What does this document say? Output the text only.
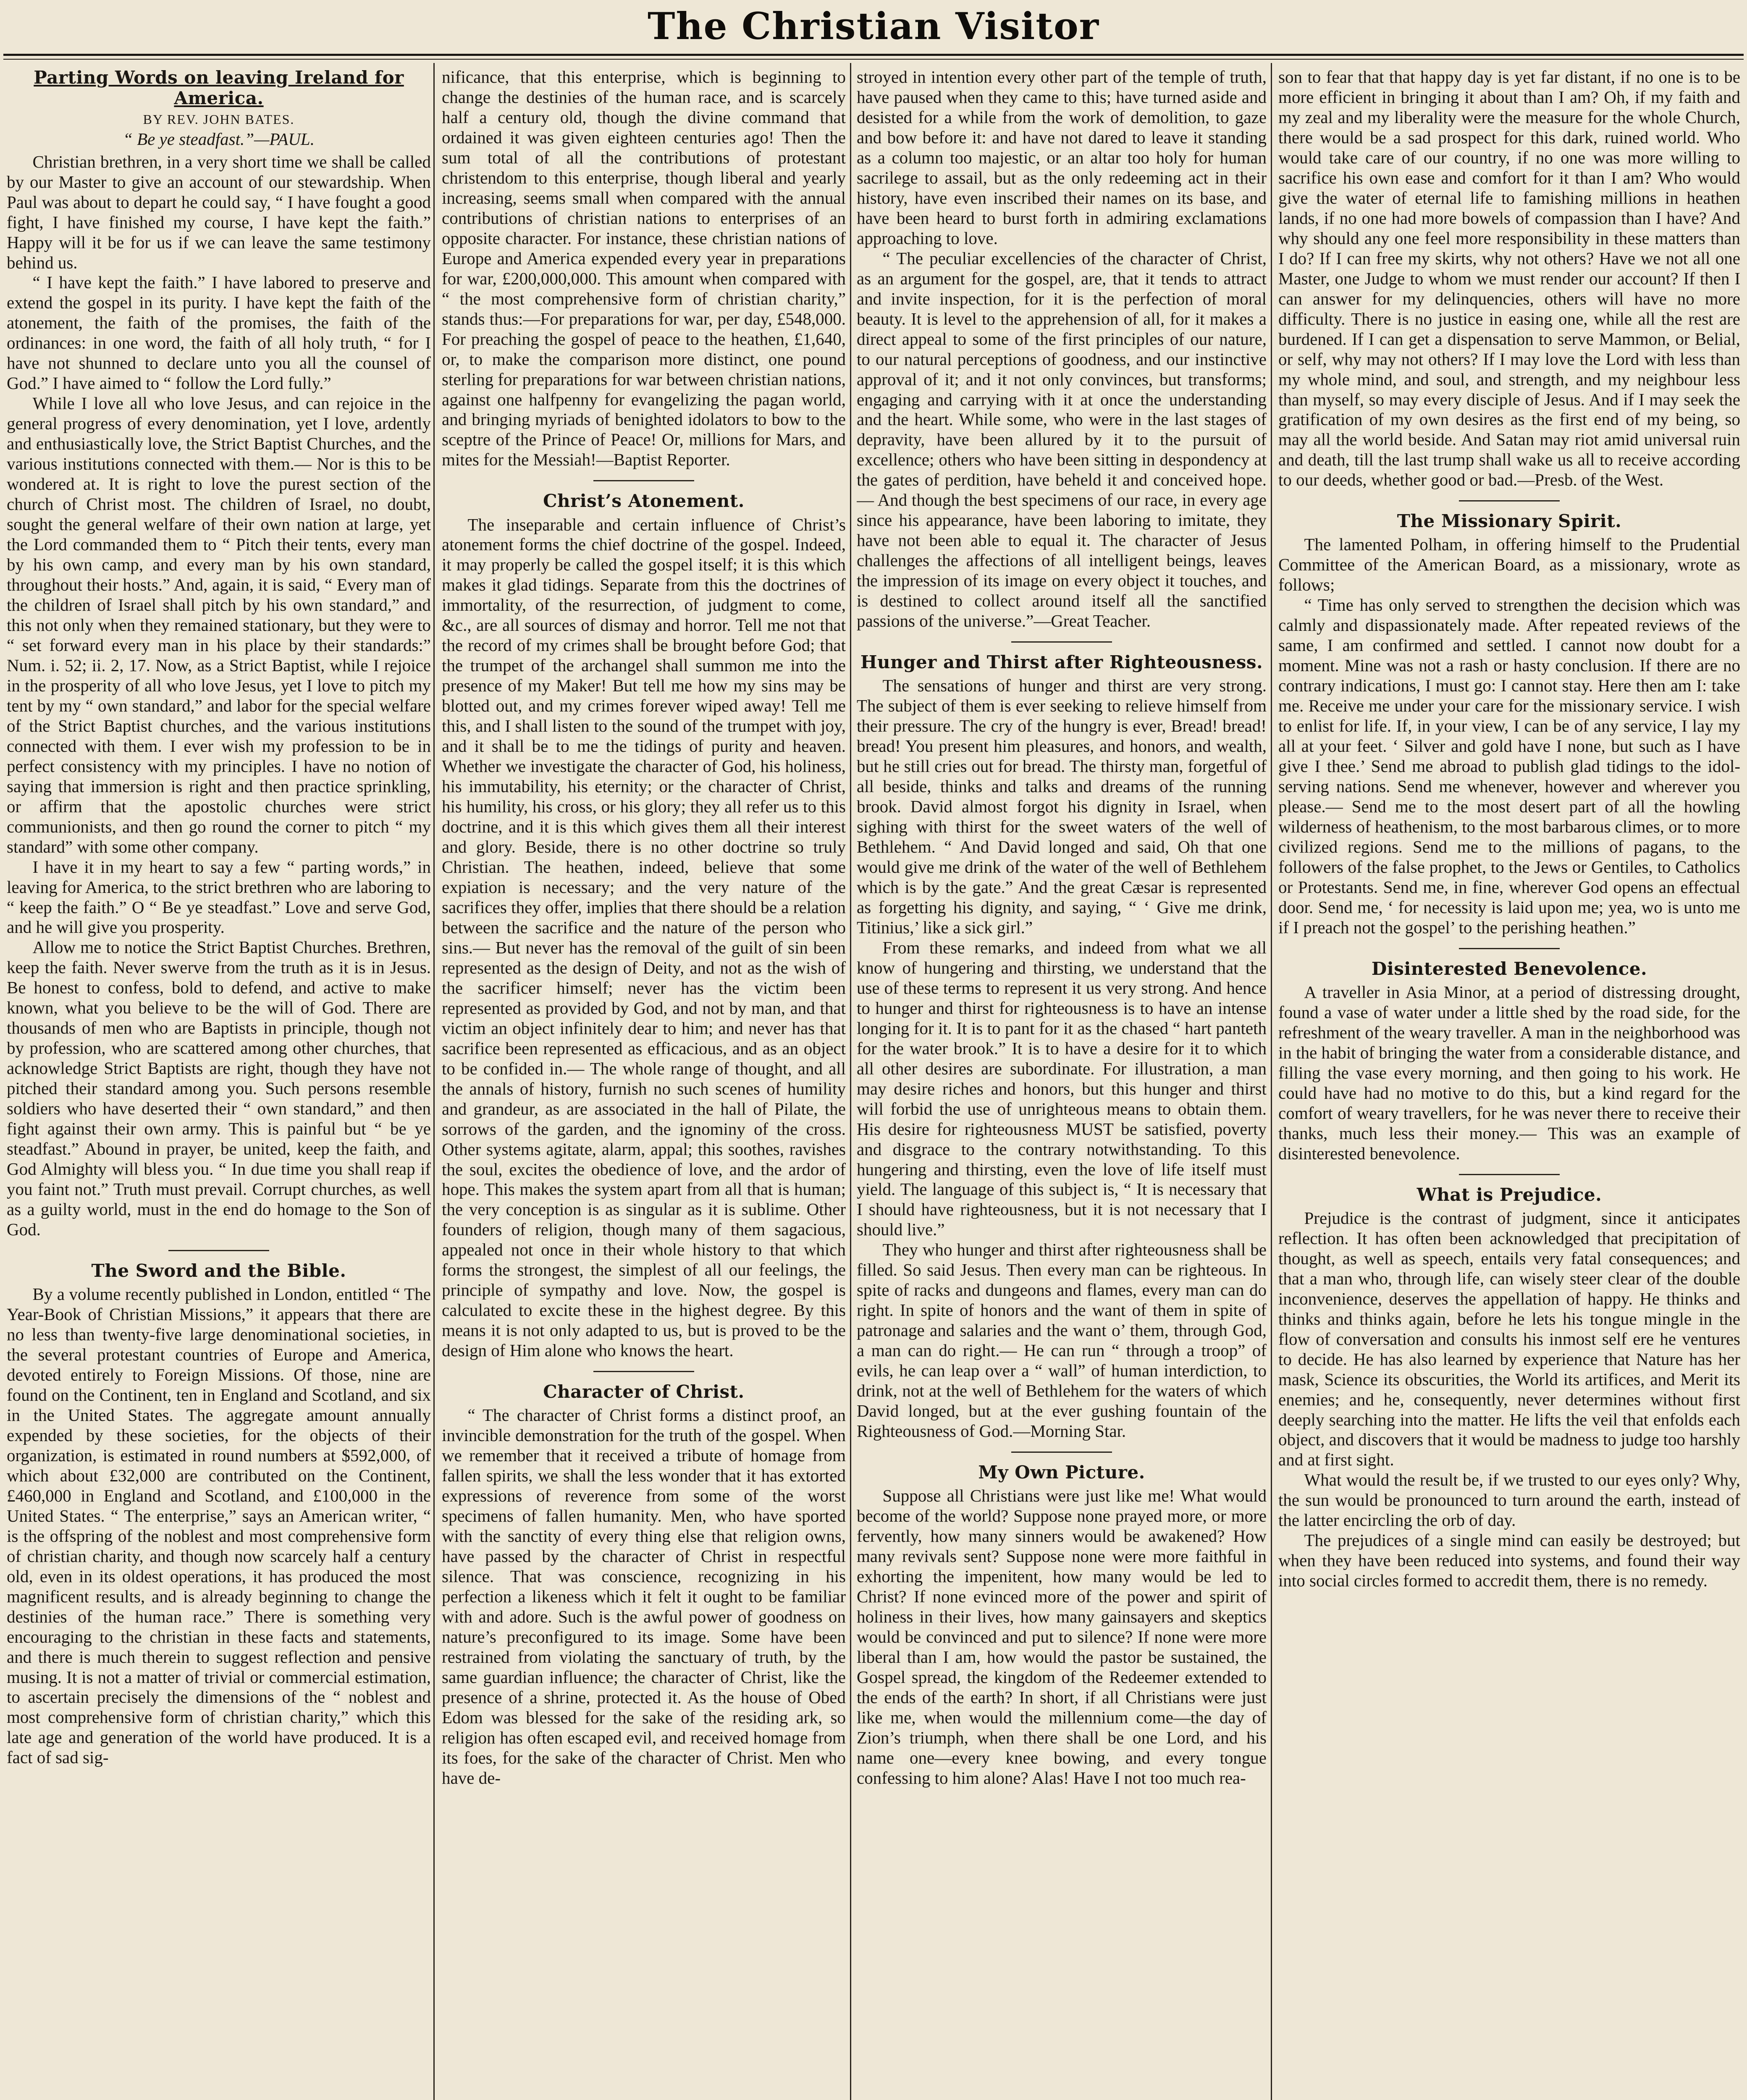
The Christian Visitor
Parting Words on leaving Ireland for America.
BY REV. JOHN BATES.
“ Be ye steadfast.”—PAUL.

Christian brethren, in a very short time we shall be called by our Master to give an account of our stewardship. When Paul was about to depart he could say, “ I have fought a good fight, I have finished my course, I have kept the faith.” Happy will it be for us if we can leave the same testimony behind us.

“ I have kept the faith.” I have labored to preserve and extend the gospel in its purity. I have kept the faith of the atonement, the faith of the promises, the faith of the ordinances: in one word, the faith of all holy truth, “ for I have not shunned to declare unto you all the counsel of God.” I have aimed to “ follow the Lord fully.”

While I love all who love Jesus, and can rejoice in the general progress of every denomination, yet I love, ardently and enthusiastically love, the Strict Baptist Churches, and the various institutions connected with them.— Nor is this to be wondered at. It is right to love the purest section of the church of Christ most. The children of Israel, no doubt, sought the general welfare of their own nation at large, yet the Lord commanded them to “ Pitch their tents, every man by his own camp, and every man by his own standard, throughout their hosts.” And, again, it is said, “ Every man of the children of Israel shall pitch by his own standard,” and this not only when they remained stationary, but they were to “ set forward every man in his place by their standards:” Num. i. 52; ii. 2, 17. Now, as a Strict Baptist, while I rejoice in the prosperity of all who love Jesus, yet I love to pitch my tent by my “ own standard,” and labor for the special welfare of the Strict Baptist churches, and the various institutions connected with them. I ever wish my profession to be in perfect consistency with my principles. I have no notion of saying that immersion is right and then practice sprinkling, or affirm that the apostolic churches were strict communionists, and then go round the corner to pitch “ my standard” with some other company.

I have it in my heart to say a few “ parting words,” in leaving for America, to the strict brethren who are laboring to “ keep the faith.” O “ Be ye steadfast.” Love and serve God, and he will give you prosperity.

Allow me to notice the Strict Baptist Churches. Brethren, keep the faith. Never swerve from the truth as it is in Jesus. Be honest to confess, bold to defend, and active to make known, what you believe to be the will of God. There are thousands of men who are Baptists in principle, though not by profession, who are scattered among other churches, that acknowledge Strict Baptists are right, though they have not pitched their standard among you. Such persons resemble soldiers who have deserted their “ own standard,” and then fight against their own army. This is painful but “ be ye steadfast.” Abound in prayer, be united, keep the faith, and God Almighty will bless you. “ In due time you shall reap if you faint not.” Truth must prevail. Corrupt churches, as well as a guilty world, must in the end do homage to the Son of God.

The Sword and the Bible.

By a volume recently published in London, entitled “ The Year-Book of Christian Missions,” it appears that there are no less than twenty-five large denominational societies, in the several protestant countries of Europe and America, devoted entirely to Foreign Missions. Of those, nine are found on the Continent, ten in England and Scotland, and six in the United States. The aggregate amount annually expended by these societies, for the objects of their organization, is estimated in round numbers at $592,000, of which about £32,000 are contributed on the Continent, £460,000 in England and Scotland, and £100,000 in the United States. “ The enterprise,” says an American writer, “ is the offspring of the noblest and most comprehensive form of christian charity, and though now scarcely half a century old, even in its oldest operations, it has produced the most magnificent results, and is already beginning to change the destinies of the human race.” There is something very encouraging to the christian in these facts and statements, and there is much therein to suggest reflection and pensive musing. It is not a matter of trivial or commercial estimation, to ascertain precisely the dimensions of the “ noblest and most comprehensive form of christian charity,” which this late age and generation of the world have produced. It is a fact of sad sig-

nificance, that this enterprise, which is beginning to change the destinies of the human race, and is scarcely half a century old, though the divine command that ordained it was given eighteen centuries ago! Then the sum total of all the contributions of protestant christendom to this enterprise, though liberal and yearly increasing, seems small when compared with the annual contributions of christian nations to enterprises of an opposite character. For instance, these christian nations of Europe and America expended every year in preparations for war, £200,000,000. This amount when compared with “ the most comprehensive form of christian charity,” stands thus:—For preparations for war, per day, £548,000. For preaching the gospel of peace to the heathen, £1,640, or, to make the comparison more distinct, one pound sterling for preparations for war between christian nations, against one halfpenny for evangelizing the pagan world, and bringing myriads of benighted idolators to bow to the sceptre of the Prince of Peace! Or, millions for Mars, and mites for the Messiah!—Baptist Reporter.

Christ’s Atonement.

The inseparable and certain influence of Christ’s atonement forms the chief doctrine of the gospel. Indeed, it may properly be called the gospel itself; it is this which makes it glad tidings. Separate from this the doctrines of immortality, of the resurrection, of judgment to come, &c., are all sources of dismay and horror. Tell me not that the record of my crimes shall be brought before God; that the trumpet of the archangel shall summon me into the presence of my Maker! But tell me how my sins may be blotted out, and my crimes forever wiped away! Tell me this, and I shall listen to the sound of the trumpet with joy, and it shall be to me the tidings of purity and heaven. Whether we investigate the character of God, his holiness, his immutability, his eternity; or the character of Christ, his humility, his cross, or his glory; they all refer us to this doctrine, and it is this which gives them all their interest and glory. Beside, there is no other doctrine so truly Christian. The heathen, indeed, believe that some expiation is necessary; and the very nature of the sacrifices they offer, implies that there should be a relation between the sacrifice and the nature of the person who sins.— But never has the removal of the guilt of sin been represented as the design of Deity, and not as the wish of the sacrificer himself; never has the victim been represented as provided by God, and not by man, and that victim an object infinitely dear to him; and never has that sacrifice been represented as efficacious, and as an object to be confided in.— The whole range of thought, and all the annals of history, furnish no such scenes of humility and grandeur, as are associated in the hall of Pilate, the sorrows of the garden, and the ignominy of the cross. Other systems agitate, alarm, appal; this soothes, ravishes the soul, excites the obedience of love, and the ardor of hope. This makes the system apart from all that is human; the very conception is as singular as it is sublime. Other founders of religion, though many of them sagacious, appealed not once in their whole history to that which forms the strongest, the simplest of all our feelings, the principle of sympathy and love. Now, the gospel is calculated to excite these in the highest degree. By this means it is not only adapted to us, but is proved to be the design of Him alone who knows the heart.

Character of Christ.

“ The character of Christ forms a distinct proof, an invincible demonstration for the truth of the gospel. When we remember that it received a tribute of homage from fallen spirits, we shall the less wonder that it has extorted expressions of reverence from some of the worst specimens of fallen humanity. Men, who have sported with the sanctity of every thing else that religion owns, have passed by the character of Christ in respectful silence. That was conscience, recognizing in his perfection a likeness which it felt it ought to be familiar with and adore. Such is the awful power of goodness on nature’s preconfigured to its image. Some have been restrained from violating the sanctuary of truth, by the same guardian influence; the character of Christ, like the presence of a shrine, protected it. As the house of Obed Edom was blessed for the sake of the residing ark, so religion has often escaped evil, and received homage from its foes, for the sake of the character of Christ. Men who have de-

stroyed in intention every other part of the temple of truth, have paused when they came to this; have turned aside and desisted for a while from the work of demolition, to gaze and bow before it: and have not dared to leave it standing as a column too majestic, or an altar too holy for human sacrilege to assail, but as the only redeeming act in their history, have even inscribed their names on its base, and have been heard to burst forth in admiring exclamations approaching to love.

“ The peculiar excellencies of the character of Christ, as an argument for the gospel, are, that it tends to attract and invite inspection, for it is the perfection of moral beauty. It is level to the apprehension of all, for it makes a direct appeal to some of the first principles of our nature, to our natural perceptions of goodness, and our instinctive approval of it; and it not only convinces, but transforms; engaging and carrying with it at once the understanding and the heart. While some, who were in the last stages of depravity, have been allured by it to the pursuit of excellence; others who have been sitting in despondency at the gates of perdition, have beheld it and conceived hope.— And though the best specimens of our race, in every age since his appearance, have been laboring to imitate, they have not been able to equal it. The character of Jesus challenges the affections of all intelligent beings, leaves the impression of its image on every object it touches, and is destined to collect around itself all the sanctified passions of the universe.”—Great Teacher.

Hunger and Thirst after Righteousness.

The sensations of hunger and thirst are very strong. The subject of them is ever seeking to relieve himself from their pressure. The cry of the hungry is ever, Bread! bread! bread! You present him pleasures, and honors, and wealth, but he still cries out for bread. The thirsty man, forgetful of all beside, thinks and talks and dreams of the running brook. David almost forgot his dignity in Israel, when sighing with thirst for the sweet waters of the well of Bethlehem. “ And David longed and said, Oh that one would give me drink of the water of the well of Bethlehem which is by the gate.” And the great Cæsar is represented as forgetting his dignity, and saying, “ ‘ Give me drink, Titinius,’ like a sick girl.”

From these remarks, and indeed from what we all know of hungering and thirsting, we understand that the use of these terms to represent it us very strong. And hence to hunger and thirst for righteousness is to have an intense longing for it. It is to pant for it as the chased “ hart panteth for the water brook.” It is to have a desire for it to which all other desires are subordinate. For illustration, a man may desire riches and honors, but this hunger and thirst will forbid the use of unrighteous means to obtain them. His desire for righteousness MUST be satisfied, poverty and disgrace to the contrary notwithstanding. To this hungering and thirsting, even the love of life itself must yield. The language of this subject is, “ It is necessary that I should have righteousness, but it is not necessary that I should live.”

They who hunger and thirst after righteousness shall be filled. So said Jesus. Then every man can be righteous. In spite of racks and dungeons and flames, every man can do right. In spite of honors and the want of them in spite of patronage and salaries and the want o’ them, through God, a man can do right.— He can run “ through a troop” of evils, he can leap over a “ wall” of human interdiction, to drink, not at the well of Bethlehem for the waters of which David longed, but at the ever gushing fountain of the Righteousness of God.—Morning Star.

My Own Picture.

Suppose all Christians were just like me! What would become of the world? Suppose none prayed more, or more fervently, how many sinners would be awakened? How many revivals sent? Suppose none were more faithful in exhorting the impenitent, how many would be led to Christ? If none evinced more of the power and spirit of holiness in their lives, how many gainsayers and skeptics would be convinced and put to silence? If none were more liberal than I am, how would the pastor be sustained, the Gospel spread, the kingdom of the Redeemer extended to the ends of the earth? In short, if all Christians were just like me, when would the millennium come—the day of Zion’s triumph, when there shall be one Lord, and his name one—every knee bowing, and every tongue confessing to him alone? Alas! Have I not too much rea-

son to fear that that happy day is yet far distant, if no one is to be more efficient in bringing it about than I am? Oh, if my faith and my zeal and my liberality were the measure for the whole Church, there would be a sad prospect for this dark, ruined world. Who would take care of our country, if no one was more willing to sacrifice his own ease and comfort for it than I am? Who would give the water of eternal life to famishing millions in heathen lands, if no one had more bowels of compassion than I have? And why should any one feel more responsibility in these matters than I do? If I can free my skirts, why not others? Have we not all one Master, one Judge to whom we must render our account? If then I can answer for my delinquencies, others will have no more difficulty. There is no justice in easing one, while all the rest are burdened. If I can get a dispensation to serve Mammon, or Belial, or self, why may not others? If I may love the Lord with less than my whole mind, and soul, and strength, and my neighbour less than myself, so may every disciple of Jesus. And if I may seek the gratification of my own desires as the first end of my being, so may all the world beside. And Satan may riot amid universal ruin and death, till the last trump shall wake us all to receive according to our deeds, whether good or bad.—Presb. of the West.

The Missionary Spirit.

The lamented Polham, in offering himself to the Prudential Committee of the American Board, as a missionary, wrote as follows;

“ Time has only served to strengthen the decision which was calmly and dispassionately made. After repeated reviews of the same, I am confirmed and settled. I cannot now doubt for a moment. Mine was not a rash or hasty conclusion. If there are no contrary indications, I must go: I cannot stay. Here then am I: take me. Receive me under your care for the missionary service. I wish to enlist for life. If, in your view, I can be of any service, I lay my all at your feet. ‘ Silver and gold have I none, but such as I have give I thee.’ Send me abroad to publish glad tidings to the idol-serving nations. Send me whenever, however and wherever you please.— Send me to the most desert part of all the howling wilderness of heathenism, to the most barbarous climes, or to more civilized regions. Send me to the millions of pagans, to the followers of the false prophet, to the Jews or Gentiles, to Catholics or Protestants. Send me, in fine, wherever God opens an effectual door. Send me, ‘ for necessity is laid upon me; yea, wo is unto me if I preach not the gospel’ to the perishing heathen.”

Disinterested Benevolence.

A traveller in Asia Minor, at a period of distressing drought, found a vase of water under a little shed by the road side, for the refreshment of the weary traveller. A man in the neighborhood was in the habit of bringing the water from a considerable distance, and filling the vase every morning, and then going to his work. He could have had no motive to do this, but a kind regard for the comfort of weary travellers, for he was never there to receive their thanks, much less their money.— This was an example of disinterested benevolence.

What is Prejudice.

Prejudice is the contrast of judgment, since it anticipates reflection. It has often been acknowledged that precipitation of thought, as well as speech, entails very fatal consequences; and that a man who, through life, can wisely steer clear of the double inconvenience, deserves the appellation of happy. He thinks and thinks and thinks again, before he lets his tongue mingle in the flow of conversation and consults his inmost self ere he ventures to decide. He has also learned by experience that Nature has her mask, Science its obscurities, the World its artifices, and Merit its enemies; and he, consequently, never determines without first deeply searching into the matter. He lifts the veil that enfolds each object, and discovers that it would be madness to judge too harshly and at first sight.

What would the result be, if we trusted to our eyes only? Why, the sun would be pronounced to turn around the earth, instead of the latter encircling the orb of day.

The prejudices of a single mind can easily be destroyed; but when they have been reduced into systems, and found their way into social circles formed to accredit them, there is no remedy.
